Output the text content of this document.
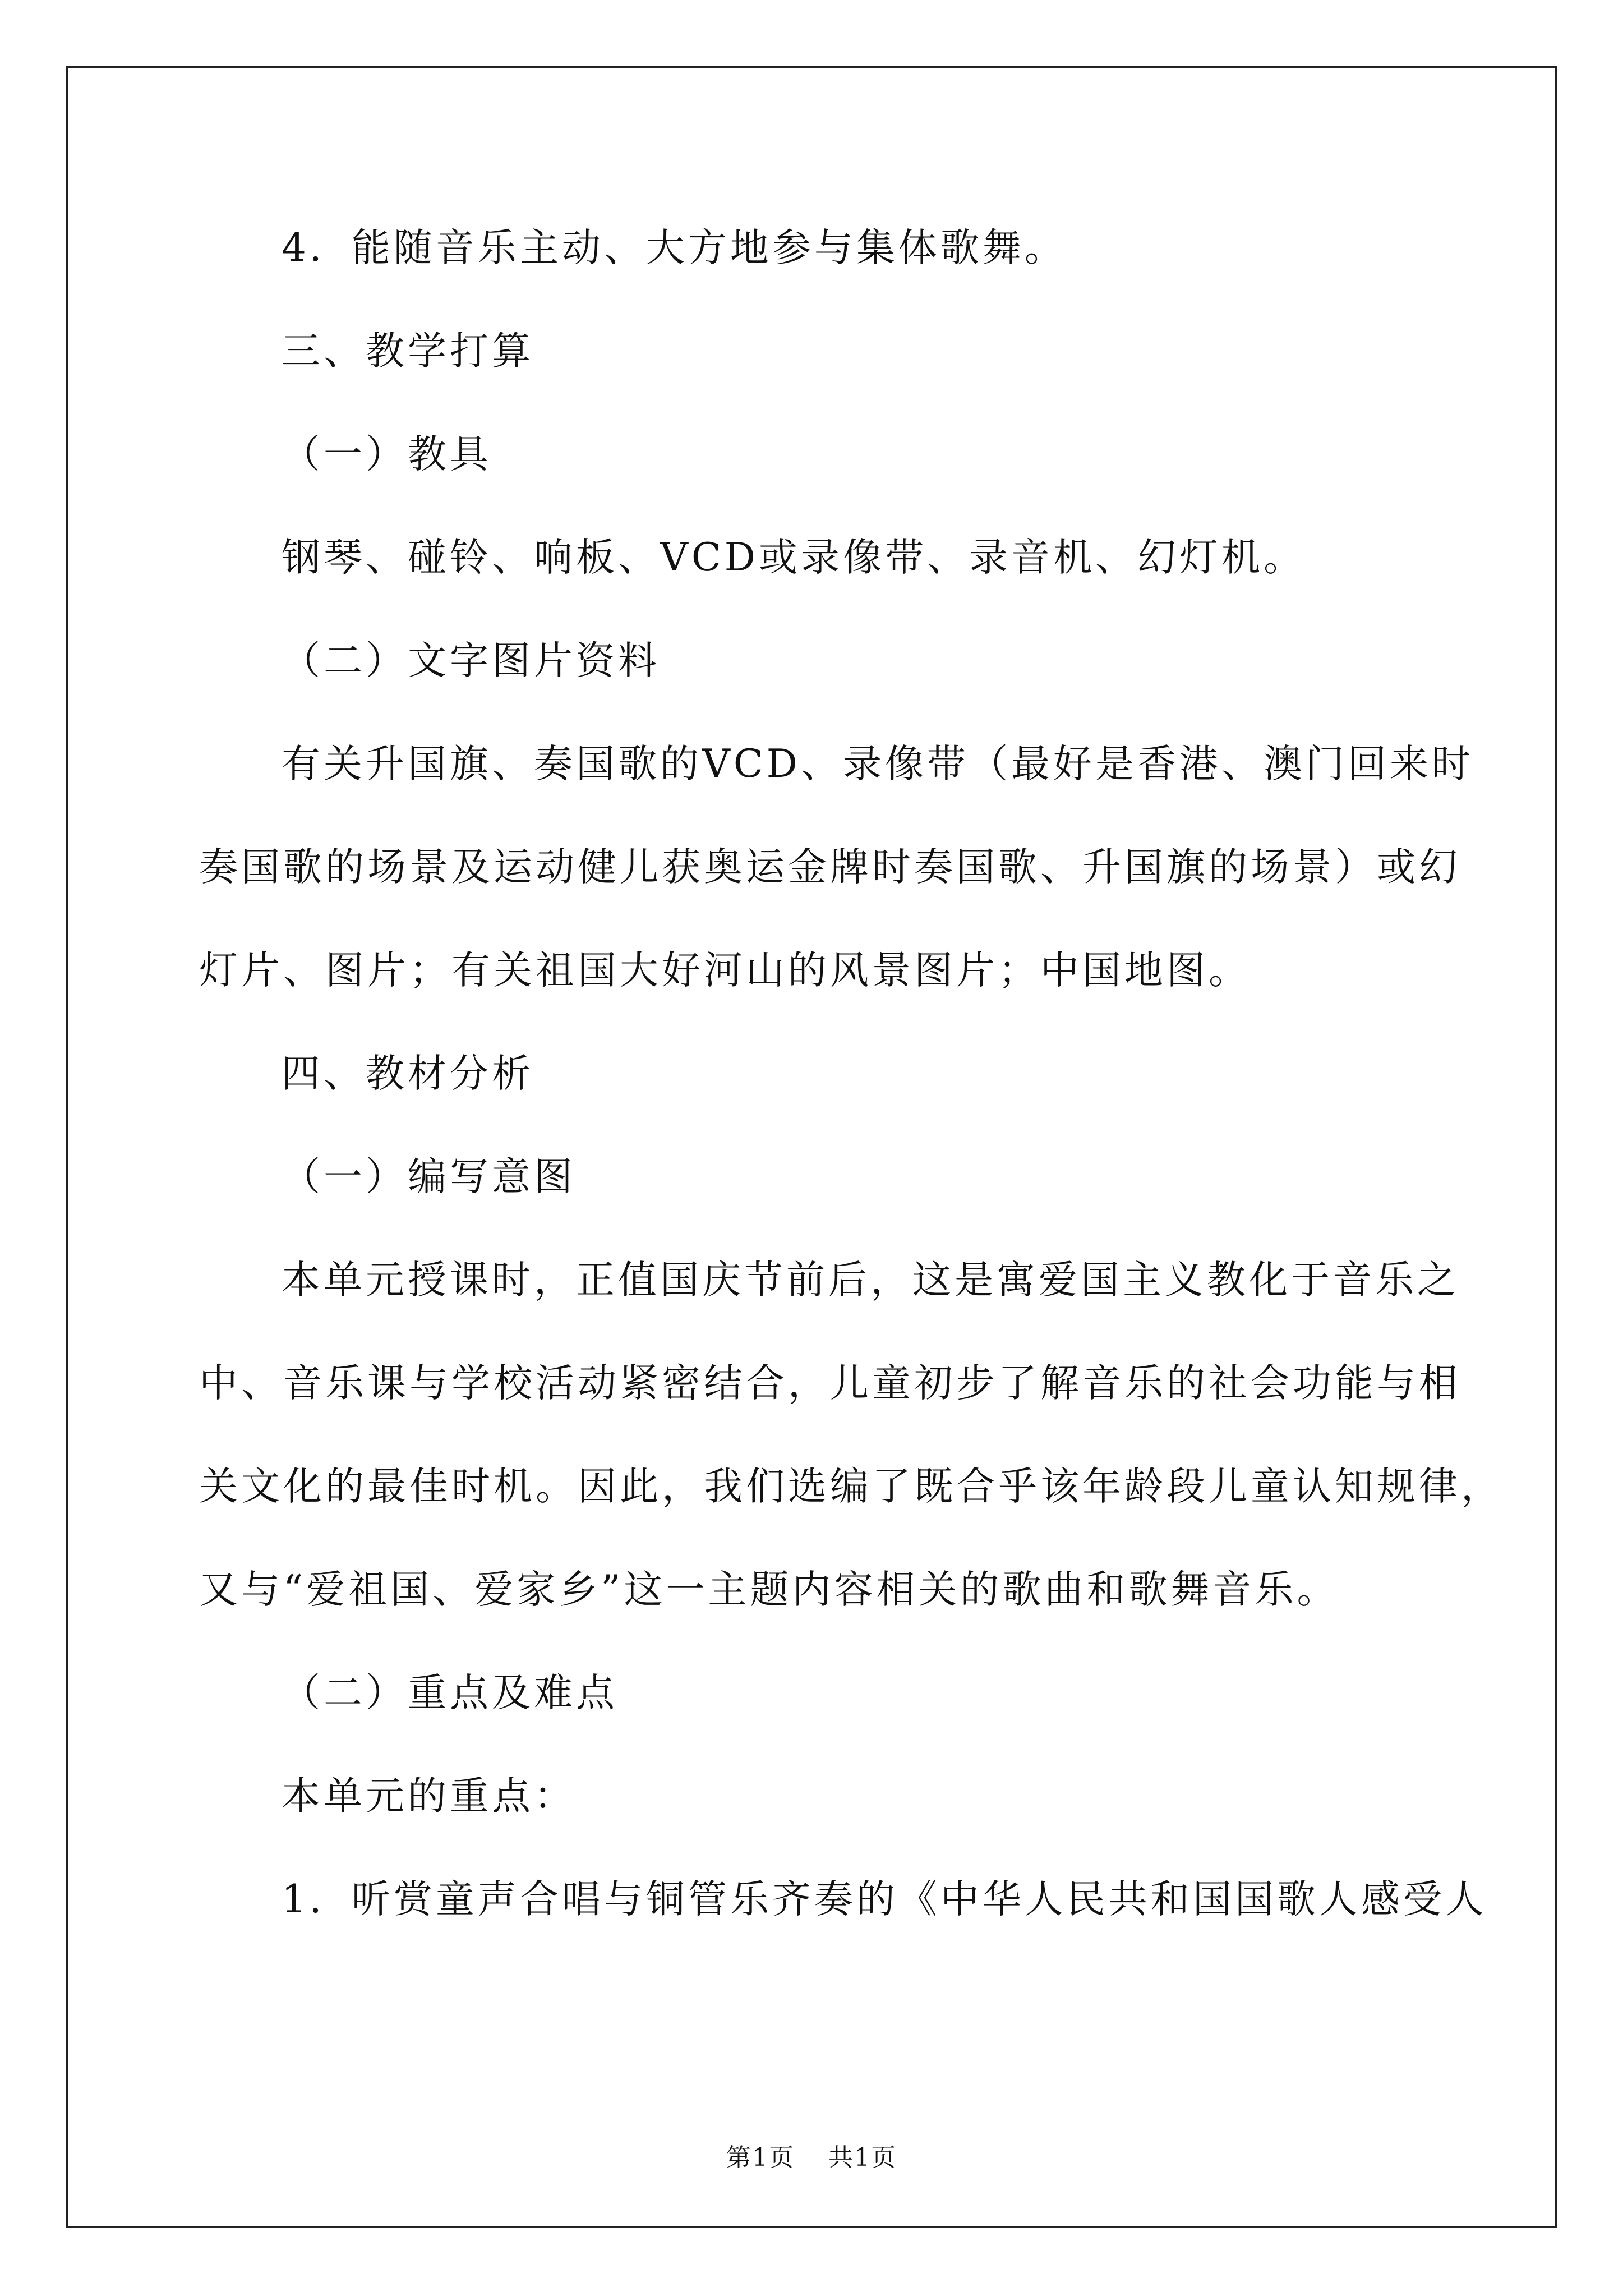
4．能随音乐主动、大方地参与集体歌舞。

三、教学打算

（一）教具

钢琴、碰铃、响板、VCD或录像带、录音机、幻灯机。

（二）文字图片资料

有关升国旗、奏国歌的VCD、录像带（最好是香港、澳门回来时
奏国歌的场景及运动健儿获奥运金牌时奏国歌、升国旗的场景）或幻
灯片、图片；有关祖国大好河山的风景图片；中国地图。

四、教材分析

（一）编写意图

本单元授课时，正值国庆节前后，这是寓爱国主义教化于音乐之
中、音乐课与学校活动紧密结合，儿童初步了解音乐的社会功能与相
关文化的最佳时机。因此，我们选编了既合乎该年龄段儿童认知规律，
又与“爱祖国、爱家乡”这一主题内容相关的歌曲和歌舞音乐。

（二）重点及难点

本单元的重点：

1．听赏童声合唱与铜管乐齐奏的《中华人民共和国国歌人感受人

第1页 共1页
